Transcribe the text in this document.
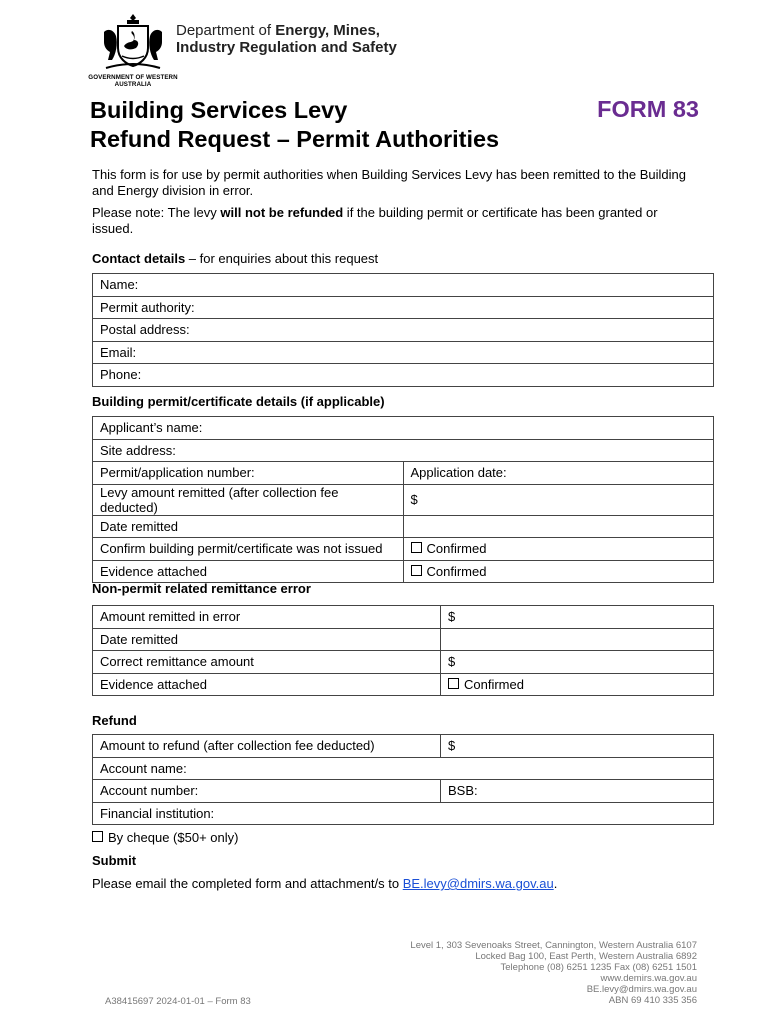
GOVERNMENT OF WESTERN AUSTRALIA
Department of Energy, Mines,
Industry Regulation and Safety
Building Services Levy
Refund Request – Permit Authorities
FORM 83
This form is for use by permit authorities when Building Services Levy has been remitted to the Building and Energy division in error.
Please note: The levy will not be refunded if the building permit or certificate has been granted or issued.
Contact details – for enquiries about this request
Name:
Permit authority:
Postal address:
Email:
Phone:
Building permit/certificate details (if applicable)
Applicant’s name:	
Site address:	
Permit/application number:	Application date:
Levy amount remitted (after collection fee deducted)	$
Date remitted	
Confirm building permit/certificate was not issued	Confirmed
Evidence attached	Confirmed
Non-permit related remittance error
Amount remitted in error	$
Date remitted	
Correct remittance amount	$
Evidence attached	Confirmed
Refund
Amount to refund (after collection fee deducted)	$
Account name:	
Account number:	BSB:
Financial institution:	
By cheque ($50+ only)
Submit
Please email the completed form and attachment/s to BE.levy@dmirs.wa.gov.au.
Level 1, 303 Sevenoaks Street, Cannington, Western Australia 6107
Locked Bag 100, East Perth, Western Australia 6892
Telephone (08) 6251 1235 Fax (08) 6251 1501
www.demirs.wa.gov.au
BE.levy@dmirs.wa.gov.au
ABN 69 410 335 356
A38415697 2024-01-01 – Form 83
